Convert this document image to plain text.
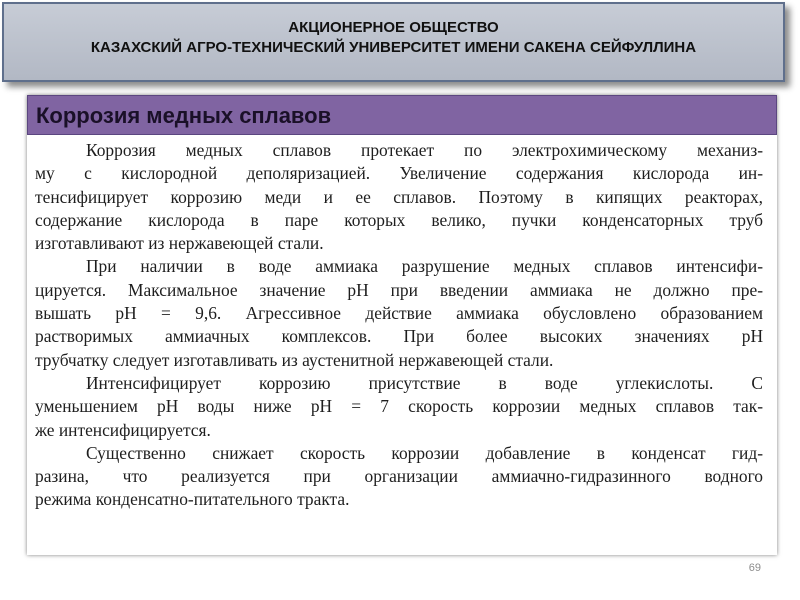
АКЦИОНЕРНОЕ ОБЩЕСТВО
КАЗАХСКИЙ АГРО-ТЕХНИЧЕСКИЙ УНИВЕРСИТЕТ ИМЕНИ САКЕНА СЕЙФУЛЛИНА
Коррозия медных сплавов
Коррозия медных сплавов протекает по электрохимическому механиз-
му с кислородной деполяризацией. Увеличение содержания кислорода ин-
тенсифицирует коррозию меди и ее сплавов. Поэтому в кипящих реакторах,
содержание кислорода в паре которых велико, пучки конденсаторных труб
изготавливают из нержавеющей стали.
При наличии в воде аммиака разрушение медных сплавов интенсифи-
цируется. Максимальное значение pH при введении аммиака не должно пре-
вышать pH = 9,6. Агрессивное действие аммиака обусловлено образованием
растворимых аммиачных комплексов. При более высоких значениях pH
трубчатку следует изготавливать из аустенитной нержавеющей стали.
Интенсифицирует коррозию присутствие в воде углекислоты. С
уменьшением pH воды ниже pH = 7 скорость коррозии медных сплавов так-
же интенсифицируется.
Существенно снижает скорость коррозии добавление в конденсат гид-
разина, что реализуется при организации аммиачно-гидразинного водного
режима конденсатно-питательного тракта.
69
